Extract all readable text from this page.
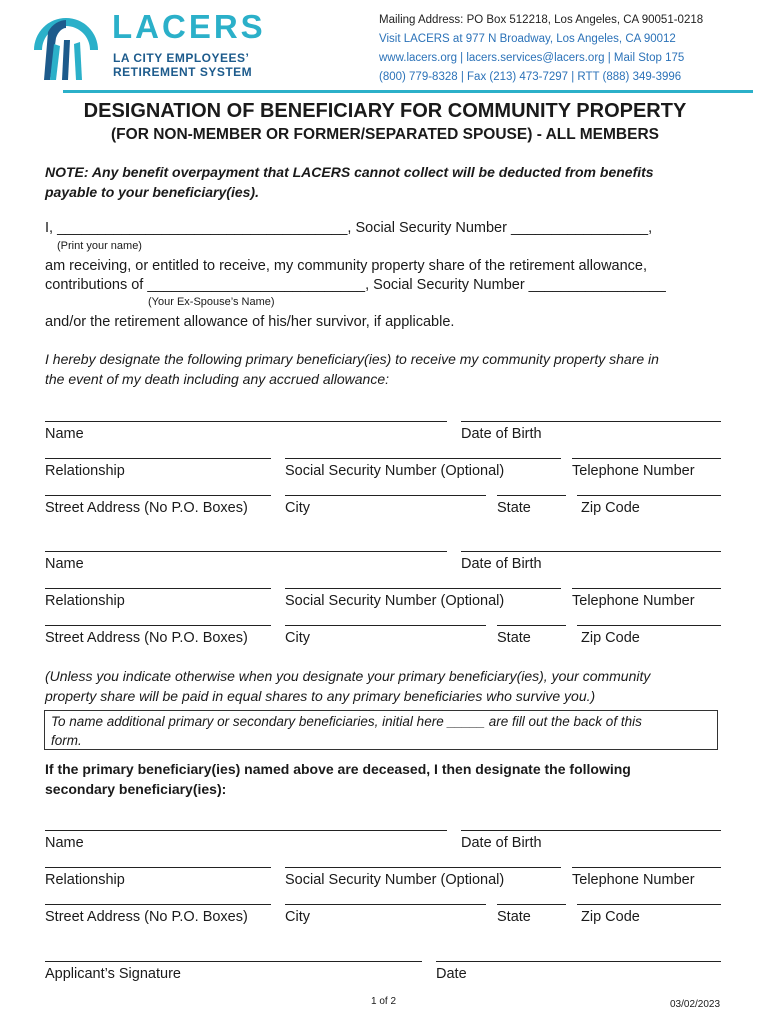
LACERS
LA CITY EMPLOYEES’
RETIREMENT SYSTEM
Mailing Address: PO Box 512218, Los Angeles, CA 90051-0218
Visit LACERS at 977 N Broadway, Los Angeles, CA 90012
www.lacers.org | lacers.services@lacers.org | Mail Stop 175
(800) 779-8328 | Fax (213) 473-7297 | RTT (888) 349-3996
DESIGNATION OF BENEFICIARY FOR COMMUNITY PROPERTY
(FOR NON-MEMBER OR FORMER/SEPARATED SPOUSE) - ALL MEMBERS
NOTE: Any benefit overpayment that LACERS cannot collect will be deducted from benefits
payable to your beneficiary(ies).
I, ____________________________________, Social Security Number _________________,
(Print your name)
am receiving, or entitled to receive, my community property share of the retirement allowance,
contributions of ___________________________, Social Security Number _________________
(Your Ex-Spouse’s Name)
and/or the retirement allowance of his/her survivor, if applicable.
I hereby designate the following primary beneficiary(ies) to receive my community property share in
the event of my death including any accrued allowance:
Name	Date of Birth
Relationship	Social Security Number (Optional)	Telephone Number
Street Address (No P.O. Boxes)	City	State	Zip Code
Name	Date of Birth
Relationship	Social Security Number (Optional)	Telephone Number
Street Address (No P.O. Boxes)	City	State	Zip Code
(Unless you indicate otherwise when you designate your primary beneficiary(ies), your community
property share will be paid in equal shares to any primary beneficiaries who survive you.)
To name additional primary or secondary beneficiaries, initial here _____ are fill out the back of this
form.
If the primary beneficiary(ies) named above are deceased, I then designate the following
secondary beneficiary(ies):
Name	Date of Birth
Relationship	Social Security Number (Optional)	Telephone Number
Street Address (No P.O. Boxes)	City	State	Zip Code
Applicant’s Signature	Date
1 of 2	03/02/2023
